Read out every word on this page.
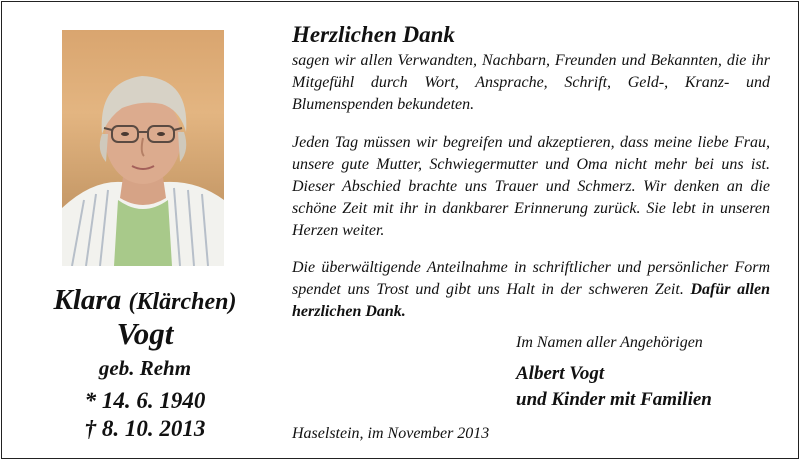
Klara (Klärchen)
Vogt
geb. Rehm
* 14. 6. 1940
† 8. 10. 2013
Herzlichen Dank
sagen wir allen Verwandten, Nachbarn, Freunden und Bekannten, die ihr Mitgefühl durch Wort, Ansprache, Schrift, Geld-, Kranz- und Blumenspenden bekundeten.
Jeden Tag müssen wir begreifen und akzeptieren, dass meine liebe Frau, unsere gute Mutter, Schwiegermutter und Oma nicht mehr bei uns ist. Dieser Abschied brachte uns Trauer und Schmerz. Wir denken an die schöne Zeit mit ihr in dankbarer Erinnerung zurück. Sie lebt in unseren Herzen weiter.
Die überwältigende Anteilnahme in schriftlicher und persönlicher Form spendet uns Trost und gibt uns Halt in der schweren Zeit. Dafür allen herzlichen Dank.
Im Namen aller Angehörigen
Albert Vogt
und Kinder mit Familien
Haselstein, im November 2013
